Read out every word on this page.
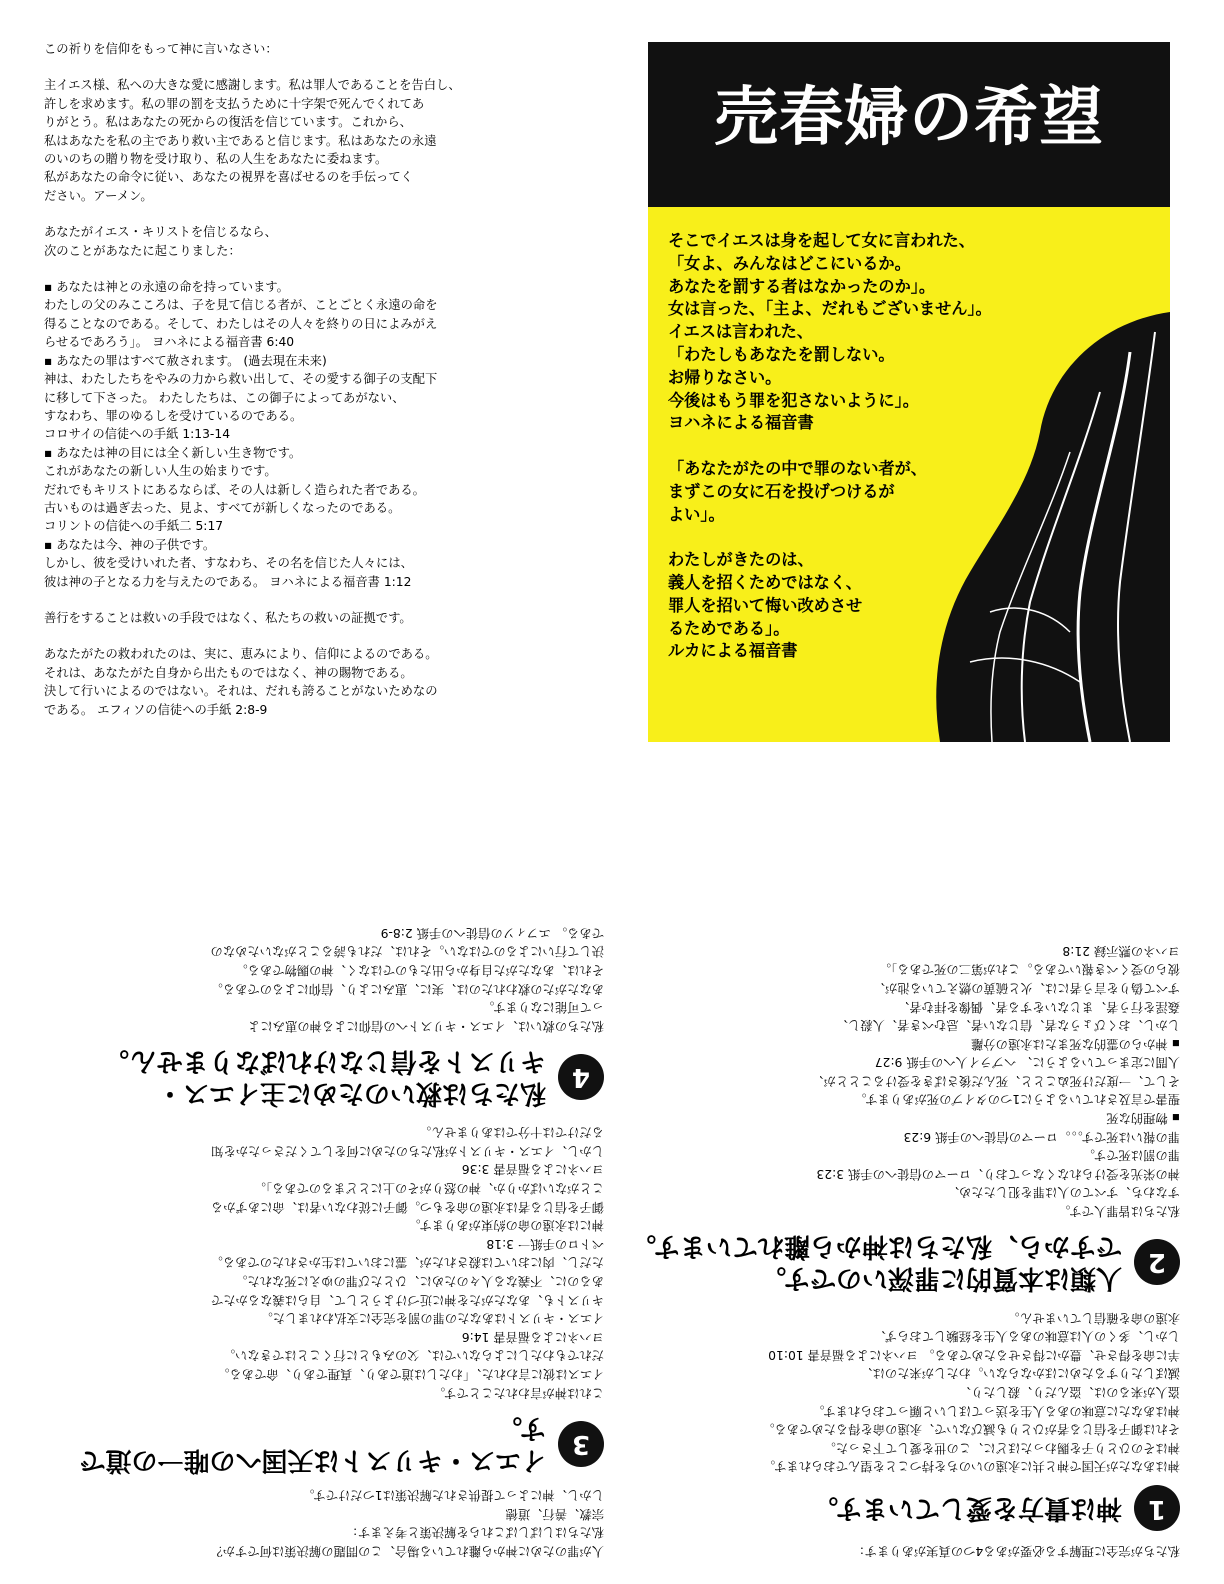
この祈りを信仰をもって神に言いなさい：

主イエス様、私への大きな愛に感謝します。私は罪人であることを告白し、
許しを求めます。私の罪の罰を支払うために十字架で死んでくれてあ
りがとう。私はあなたの死からの復活を信じています。これから、
私はあなたを私の主であり救い主であると信じます。私はあなたの永遠
のいのちの贈り物を受け取り、私の人生をあなたに委ねます。
私があなたの命令に従い、あなたの視界を喜ばせるのを手伝ってく
ださい。アーメン。

あなたがイエス・キリストを信じるなら、
次のことがあなたに起こりました：

▪ あなたは神との永遠の命を持っています。
わたしの父のみこころは、子を見て信じる者が、ことごとく永遠の命を
得ることなのである。そして、わたしはその人々を終りの日によみがえ
らせるであろう」。 ヨハネによる福音書 6:40
▪ あなたの罪はすべて赦されます。 (過去現在未来)
神は、わたしたちをやみの力から救い出して、その愛する御子の支配下
に移して下さった。 わたしたちは、この御子によってあがない、
すなわち、罪のゆるしを受けているのである。
コロサイの信徒への手紙 1:13-14
▪ あなたは神の目には全く新しい生き物です。
これがあなたの新しい人生の始まりです。
だれでもキリストにあるならば、その人は新しく造られた者である。
古いものは過ぎ去った、見よ、すべてが新しくなったのである。
コリントの信徒への手紙二 5:17
▪ あなたは今、神の子供です。
しかし、彼を受けいれた者、すなわち、その名を信じた人々には、
彼は神の子となる力を与えたのである。 ヨハネによる福音書 1:12

善行をすることは救いの手段ではなく、私たちの救いの証拠です。

あなたがたの救われたのは、実に、恵みにより、信仰によるのである。
それは、あなたがた自身から出たものではなく、神の賜物である。
決して行いによるのではない。それは、だれも誇ることがないためなの
である。 エフィソの信徒への手紙 2:8-9

売春婦の希望
そこでイエスは身を起して女に言われた、
「女よ、みんなはどこにいるか。
あなたを罰する者はなかったのか」。
女は言った、「主よ、だれもございません」。
イエスは言われた、
「わたしもあなたを罰しない。
お帰りなさい。
今後はもう罪を犯さないように」。
ヨハネによる福音書

「あなたがたの中で罪のない者が、
まずこの女に石を投げつけるが
よい」。

わたしがきたのは、
義人を招くためではなく、
罪人を招いて悔い改めさせ
るためである」。
ルカによる福音書

人が罪のために神から離れている場合、この問題の解決策は何ですか？
私たちはしばしばこれらを解決策と考えます：
宗教、善行、道徳
しかし、神によって提供された解決策は1つだけです。

3
イエス・キリストは天国への唯一の道です。

これは神が言われたことです。
イエスは彼に言われた、「わたしは道であり、真理であり、命である。
だれでもわたしによらないでは、父のみもとに行くことはできない。
ヨハネによる福音書 14:6
イエス・キリストはあなたの罪の罰を完全に支払われました。
キリストも、あなたがたを神に近づけようとして、自らは義なるかたで
あるのに、不義なる人々のために、ひとたび罪のゆえに死なれた。
ただし、肉においては殺されたが、霊においては生かされたのである。
ペトロの手紙一 3:18
神には永遠の命の約束があります。
御子を信じる者は永遠の命をもつ。御子に従わない者は、命にあずかる
ことがないばかりか、神の怒りがその上にとどまるのである」。
ヨハネによる福音書 3:36
しかし、イエス・キリストが私たちのために何をしてくださったかを知
るだけでは十分ではありません。

4
私たちは救いのために主イエス・
キリストを信じなければなりません。

私たちの救いは、イエス・キリストへの信仰による神の恵みによ
って可能になります。
あなたがたの救われたのは、実に、恵みにより、信仰によるのである。
それは、あなたがた自身から出たものではなく、神の賜物である。
決して行いによるのではない。それは、だれも誇ることがないためなの
である。 エフィソの信徒への手紙 2:8-9

私たちが完全に理解する必要がある4つの真実があります：

1
神は貴方を愛しています。

神はあなたが天国で神と共に永遠のいのちを持つことを望んでおられます。
神はそのひとり子を賜わったほどに、この世を愛して下さった。
それは御子を信じる者がひとりも滅びないで、永遠の命を得るためである。
神はあなたに意味のある人生を送ってほしいと願っておられます。
盗人が来るのは、盗んだり、殺したり、
滅ぼしたりするためにほかならない。わたしが来たのは、
羊に命を得させ、豊かに得させるためである。 ヨハネによる福音書 10:10
しかし、多くの人は意味のある人生を経験しておらず、
永遠の命を確信していません。

2
人類は本質的に罪深いのです。
ですから、私たちは神から離れています。

私たちは皆罪人です。
すなわち、すべての人は罪を犯したため、
神の栄光を受けられなくなっており、ローマの信徒への手紙 3:23
罪の罰は死です。
罪の報いは死です。。。ローマの信徒への手紙 6:23
▪ 物理的な死
聖書で言及されているように1つのタイプの死があります。
そして、一度だけ死ぬことと、死んだ後さばきを受けることとが、
人間に定まっているように、 ヘブライ人への手紙 9:27
▪ 神からの霊的な死または永遠の分離
しかし、おくびょうな者、信じない者、忌むべき者、人殺し、
姦淫を行う者、まじないをする者、偶像を拝む者、
すべて偽りを言う者には、火と硫黄の燃えている池が、
彼らの受くべき報いである。これが第二の死である」。
ヨハネの黙示録 21:8
